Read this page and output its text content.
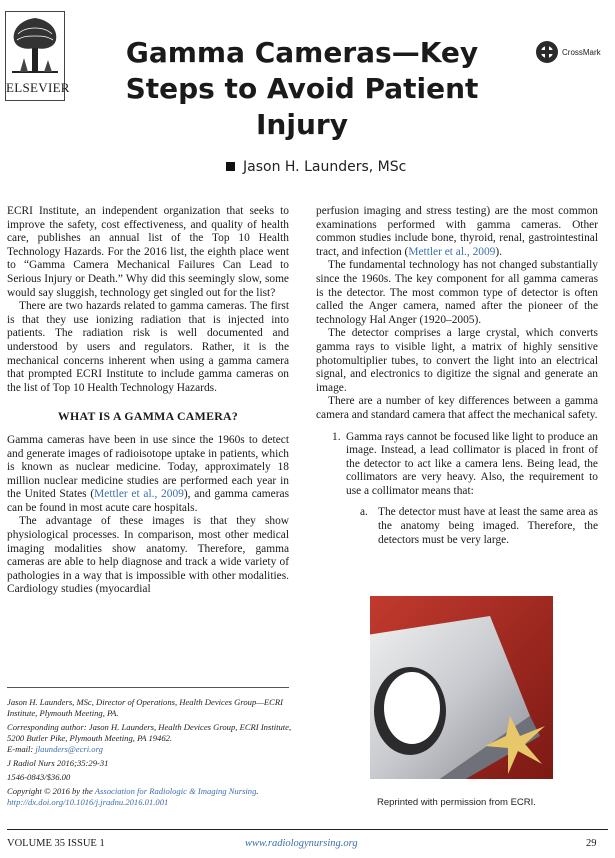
ELSEVIER
Gamma Cameras—Key Steps to Avoid Patient Injury
CrossMark
Jason H. Launders, MSc

ECRI Institute, an independent organization that seeks to improve the safety, cost effectiveness, and quality of health care, publishes an annual list of the Top 10 Health Technology Hazards. For the 2016 list, the eighth place went to “Gamma Camera Mechanical Failures Can Lead to Serious Injury or Death.” Why did this seemingly slow, some would say sluggish, technology get singled out for the list?

There are two hazards related to gamma cameras. The first is that they use ionizing radiation that is injected into patients. The radiation risk is well documented and understood by users and regulators. Rather, it is the mechanical concerns inherent when using a gamma camera that prompted ECRI Institute to include gamma cameras on the list of Top 10 Health Technology Hazards.

WHAT IS A GAMMA CAMERA?

Gamma cameras have been in use since the 1960s to detect and generate images of radioisotope uptake in patients, which is known as nuclear medicine. Today, approximately 18 million nuclear medicine studies are performed each year in the United States (Mettler et al., 2009), and gamma cameras can be found in most acute care hospitals.

The advantage of these images is that they show physiological processes. In comparison, most other medical imaging modalities show anatomy. Therefore, gamma cameras are able to help diagnose and track a wide variety of pathologies in a way that is impossible with other modalities. Cardiology studies (myocardial

perfusion imaging and stress testing) are the most common examinations performed with gamma cameras. Other common studies include bone, thyroid, renal, gastrointestinal tract, and infection (Mettler et al., 2009).

The fundamental technology has not changed substantially since the 1960s. The key component for all gamma cameras is the detector. The most common type of detector is often called the Anger camera, named after the pioneer of the technology Hal Anger (1920–2005).

The detector comprises a large crystal, which converts gamma rays to visible light, a matrix of highly sensitive photomultiplier tubes, to convert the light into an electrical signal, and electronics to digitize the signal and generate an image.

There are a number of key differences between a gamma camera and standard camera that affect the mechanical safety.

1. Gamma rays cannot be focused like light to produce an image. Instead, a lead collimator is placed in front of the detector to act like a camera lens. Being lead, the collimators are very heavy. Also, the requirement to use a collimator means that:
a. The detector must have at least the same area as the anatomy being imaged. Therefore, the detectors must be very large.
Reprinted with permission from ECRI.

Jason H. Launders, MSc, Director of Operations, Health Devices Group—ECRI Institute, Plymouth Meeting, PA.

Corresponding author: Jason H. Launders, Health Devices Group, ECRI Institute, 5200 Butler Pike, Plymouth Meeting, PA 19462.

E-mail: jlaunders@ecri.org

J Radiol Nurs 2016;35:29-31

1546-0843/$36.00

Copyright © 2016 by the Association for Radiologic & Imaging Nursing.

http://dx.doi.org/10.1016/j.jradnu.2016.01.001

VOLUME 35 ISSUE 1	www.radiologynursing.org	29
